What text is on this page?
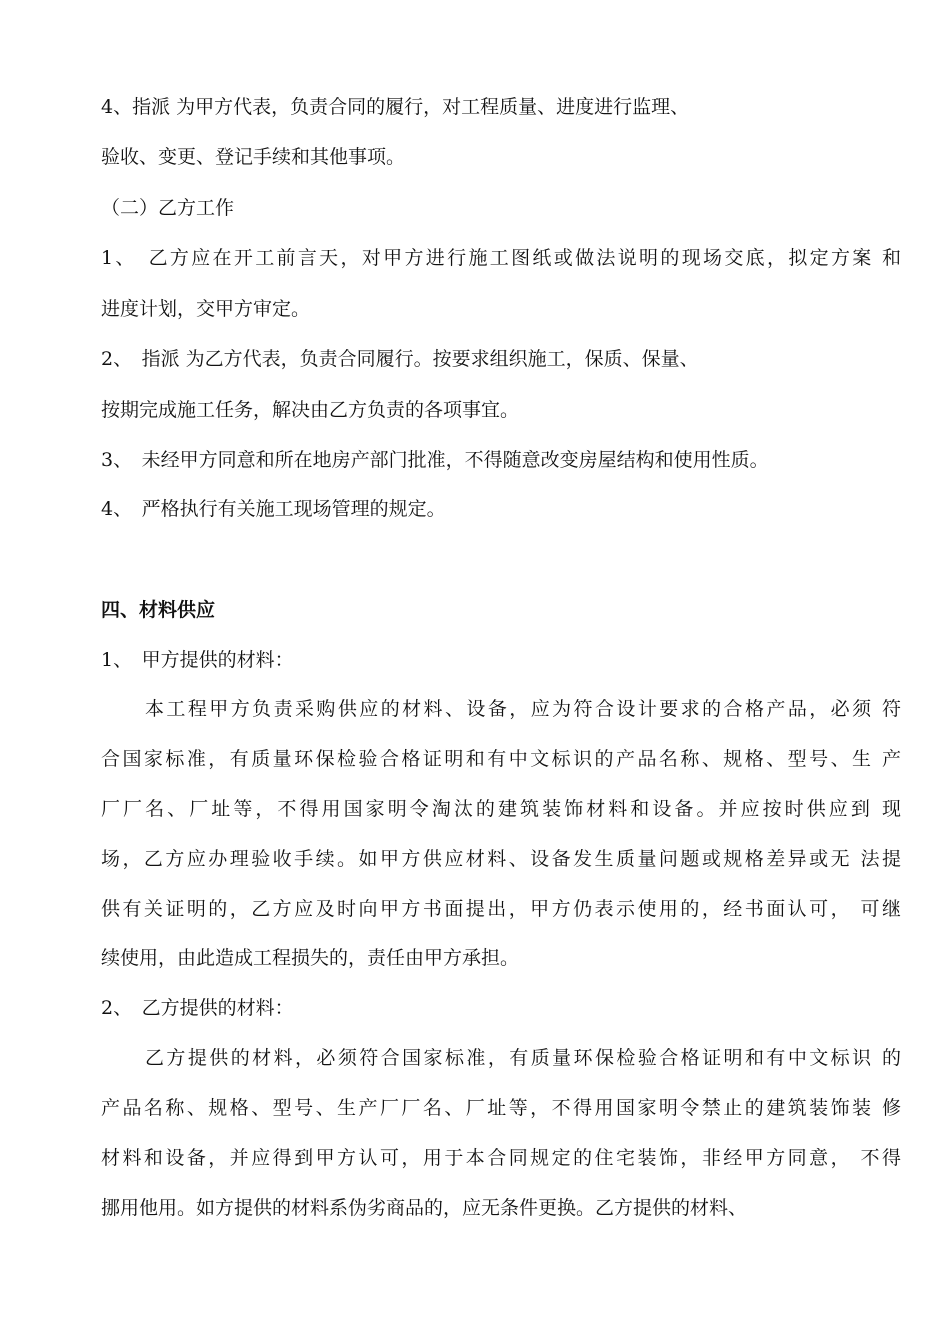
4、指派 为甲方代表，负责合同的履行，对工程质量、进度进行监理、

验收、变更、登记手续和其他事项。

（二）乙方工作

1、　乙方应在开工前言天，对甲方进行施工图纸或做法说明的现场交底，拟定方案 和

进度计划，交甲方审定。

2、　指派 为乙方代表，负责合同履行。按要求组织施工，保质、保量、

按期完成施工任务，解决由乙方负责的各项事宜。

3、　未经甲方同意和所在地房产部门批准，不得随意改变房屋结构和使用性质。

4、　严格执行有关施工现场管理的规定。

四、材料供应

1、　甲方提供的材料：

本工程甲方负责采购供应的材料、设备，应为符合设计要求的合格产品，必须 符

合国家标准，有质量环保检验合格证明和有中文标识的产品名称、规格、型号、生 产

厂厂名、厂址等，不得用国家明令淘汰的建筑装饰材料和设备。并应按时供应到 现

场，乙方应办理验收手续。如甲方供应材料、设备发生质量问题或规格差异或无 法提

供有关证明的，乙方应及时向甲方书面提出，甲方仍表示使用的，经书面认可， 可继

续使用，由此造成工程损失的，责任由甲方承担。

2、　乙方提供的材料：

乙方提供的材料，必须符合国家标准，有质量环保检验合格证明和有中文标识 的

产品名称、规格、型号、生产厂厂名、厂址等，不得用国家明令禁止的建筑装饰装 修

材料和设备，并应得到甲方认可，用于本合同规定的住宅装饰，非经甲方同意， 不得

挪用他用。如方提供的材料系伪劣商品的，应无条件更换。乙方提供的材料、
